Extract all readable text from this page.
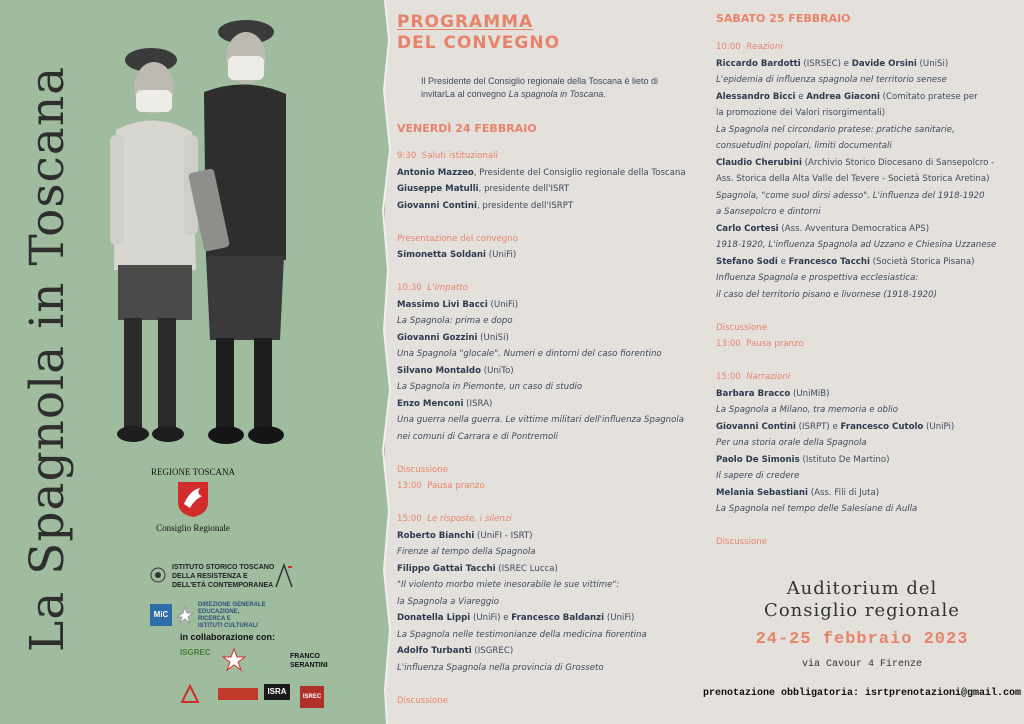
La Spagnola in Toscana	REGIONE TOSCANA
Consiglio Regionale
ISTITUTO STORICO TOSCANO
DELLA RESISTENZA E
DELL'ETÀ CONTEMPORANEA
MiC
DIREZIONE GENERALE
EDUCAZIONE,
RICERCA E
ISTITUTI CULTURALI
in collaborazione con:
ISGREC	FRANCO SERANTINI
ISRA
ISREC
PROGRAMMA
DEL CONVEGNO
Il Presidente del Consiglio regionale della Toscana è lieto di invitarLa al convegno La spagnola in Toscana.
VENERDÌ 24 FEBBRAIO
9:30 Saluti istituzionali
Antonio Mazzeo, Presidente del Consiglio regionale della Toscana
Giuseppe Matulli, presidente dell'ISRT
Giovanni Contini, presidente dell'ISRPT
Presentazione del convegno
Simonetta Soldani (UniFi)
10:30 L'impatto
Massimo Livi Bacci (UniFi)
La Spagnola: prima e dopo
Giovanni Gozzini (UniSi)
Una Spagnola "glocale". Numeri e dintorni del caso fiorentino
Silvano Montaldo (UniTo)
La Spagnola in Piemonte, un caso di studio
Enzo Menconi (ISRA)
Una guerra nella guerra. Le vittime militari dell'influenza Spagnola
nei comuni di Carrara e di Pontremoli
Discussione
13:00 Pausa pranzo
15:00 Le risposte, i silenzi
Roberto Bianchi (UniFI - ISRT)
Firenze al tempo della Spagnola
Filippo Gattai Tacchi (ISREC Lucca)
"Il violento morbo miete inesorabile le sue vittime":
la Spagnola a Viareggio
Donatella Lippi (UniFi) e Francesco Baldanzi (UniFi)
La Spagnola nelle testimonianze della medicina fiorentina
Adolfo Turbanti (ISGREC)
L'influenza Spagnola nella provincia di Grosseto
Discussione
SABATO 25 FEBBRAIO
10:00 Reazioni
Riccardo Bardotti (ISRSEC) e Davide Orsini (UniSi)
L'epidemia di influenza spagnola nel territorio senese
Alessandro Bicci e Andrea Giaconi (Comitato pratese per
la promozione dei Valori risorgimentali)
La Spagnola nel circondario pratese: pratiche sanitarie,
consuetudini popolari, limiti documentali
Claudio Cherubini (Archivio Storico Diocesano di Sansepolcro -
Ass. Storica della Alta Valle del Tevere - Società Storica Aretina)
Spagnola, "come suol dirsi adesso". L'influenza del 1918-1920
a Sansepolcro e dintorni
Carlo Cortesi (Ass. Avventura Democratica APS)
1918-1920, L'influenza Spagnola ad Uzzano e Chiesina Uzzanese
Stefano Sodi e Francesco Tacchi (Società Storica Pisana)
Influenza Spagnola e prospettiva ecclesiastica:
il caso del territorio pisano e livornese (1918-1920)
Discussione
13:00 Pausa pranzo
15:00 Narrazioni
Barbara Bracco (UniMiB)
La Spagnola a Milano, tra memoria e oblio
Giovanni Contini (ISRPT) e Francesco Cutolo (UniPi)
Per una storia orale della Spagnola
Paolo De Simonis (Istituto De Martino)
Il sapere di credere
Melania Sebastiani (Ass. Fili di Juta)
La Spagnola nel tempo delle Salesiane di Aulla
Discussione
Auditorium del
Consiglio regionale
24-25 febbraio 2023
via Cavour 4 Firenze
prenotazione obbligatoria: isrtprenotazioni@gmail.com
